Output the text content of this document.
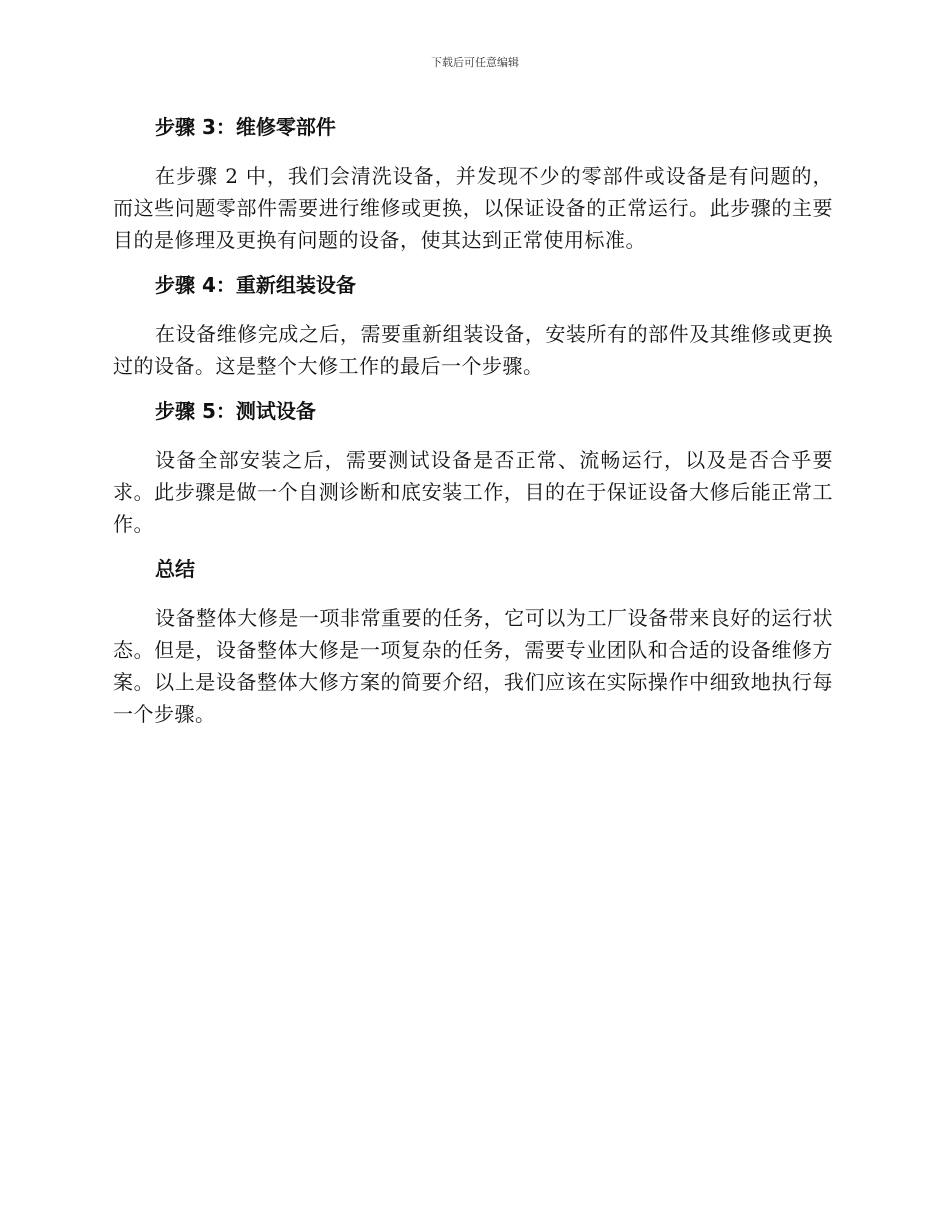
下载后可任意编辑
步骤 3：维修零部件

在步骤 2 中，我们会清洗设备，并发现不少的零部件或设备是有问题的，而这些问题零部件需要进行维修或更换，以保证设备的正常运行。此步骤的主要目的是修理及更换有问题的设备，使其达到正常使用标准。

步骤 4：重新组装设备

在设备维修完成之后，需要重新组装设备，安装所有的部件及其维修或更换过的设备。这是整个大修工作的最后一个步骤。

步骤 5：测试设备

设备全部安装之后，需要测试设备是否正常、流畅运行，以及是否合乎要求。此步骤是做一个自测诊断和底安装工作，目的在于保证设备大修后能正常工作。

总结

设备整体大修是一项非常重要的任务，它可以为工厂设备带来良好的运行状态。但是，设备整体大修是一项复杂的任务，需要专业团队和合适的设备维修方案。以上是设备整体大修方案的简要介绍，我们应该在实际操作中细致地执行每一个步骤。
